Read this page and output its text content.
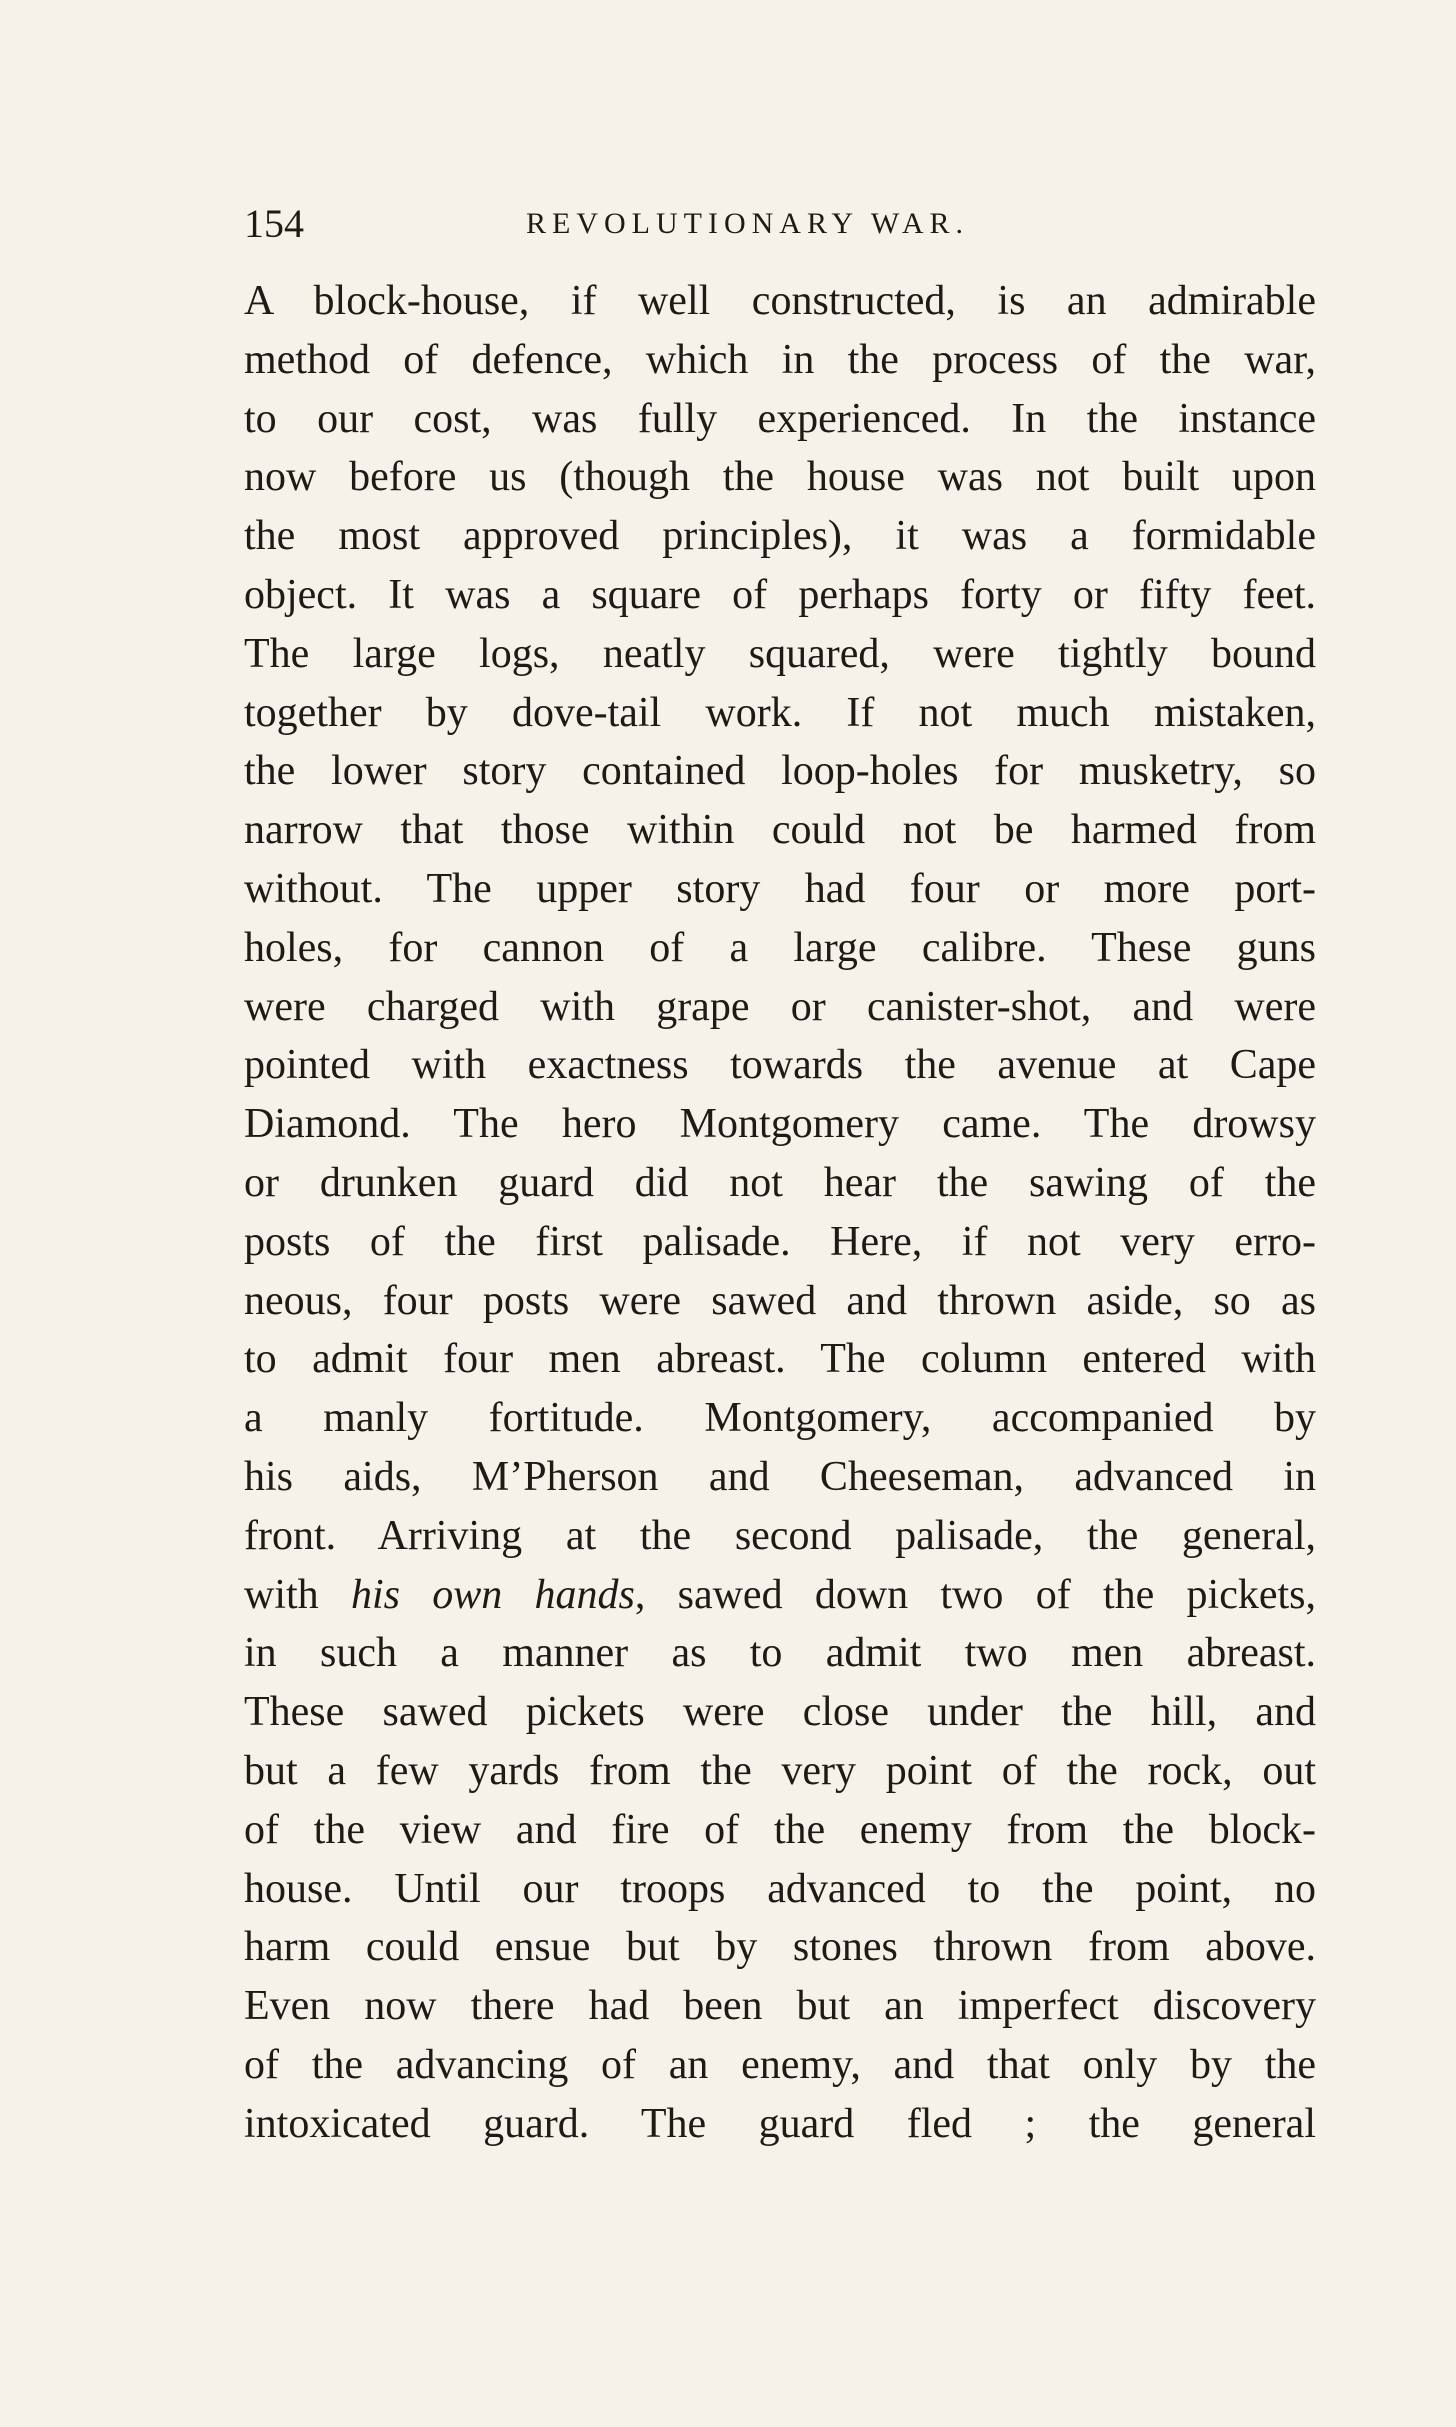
154	REVOLUTIONARY WAR.
A block-house, if well constructed, is an admirable
method of defence, which in the process of the war,
to our cost, was fully experienced. In the instance
now before us (though the house was not built upon
the most approved principles), it was a formidable
object. It was a square of perhaps forty or fifty feet.
The large logs, neatly squared, were tightly bound
together by dove-tail work. If not much mistaken,
the lower story contained loop-holes for musketry, so
narrow that those within could not be harmed from
without. The upper story had four or more port-
holes, for cannon of a large calibre. These guns
were charged with grape or canister-shot, and were
pointed with exactness towards the avenue at Cape
Diamond. The hero Montgomery came. The drowsy
or drunken guard did not hear the sawing of the
posts of the first palisade. Here, if not very erro-
neous, four posts were sawed and thrown aside, so as
to admit four men abreast. The column entered with
a manly fortitude. Montgomery, accompanied by
his aids, M’Pherson and Cheeseman, advanced in
front. Arriving at the second palisade, the general,
with his own hands, sawed down two of the pickets,
in such a manner as to admit two men abreast.
These sawed pickets were close under the hill, and
but a few yards from the very point of the rock, out
of the view and fire of the enemy from the block-
house. Until our troops advanced to the point, no
harm could ensue but by stones thrown from above.
Even now there had been but an imperfect discovery
of the advancing of an enemy, and that only by the
intoxicated guard. The guard fled ; the general
